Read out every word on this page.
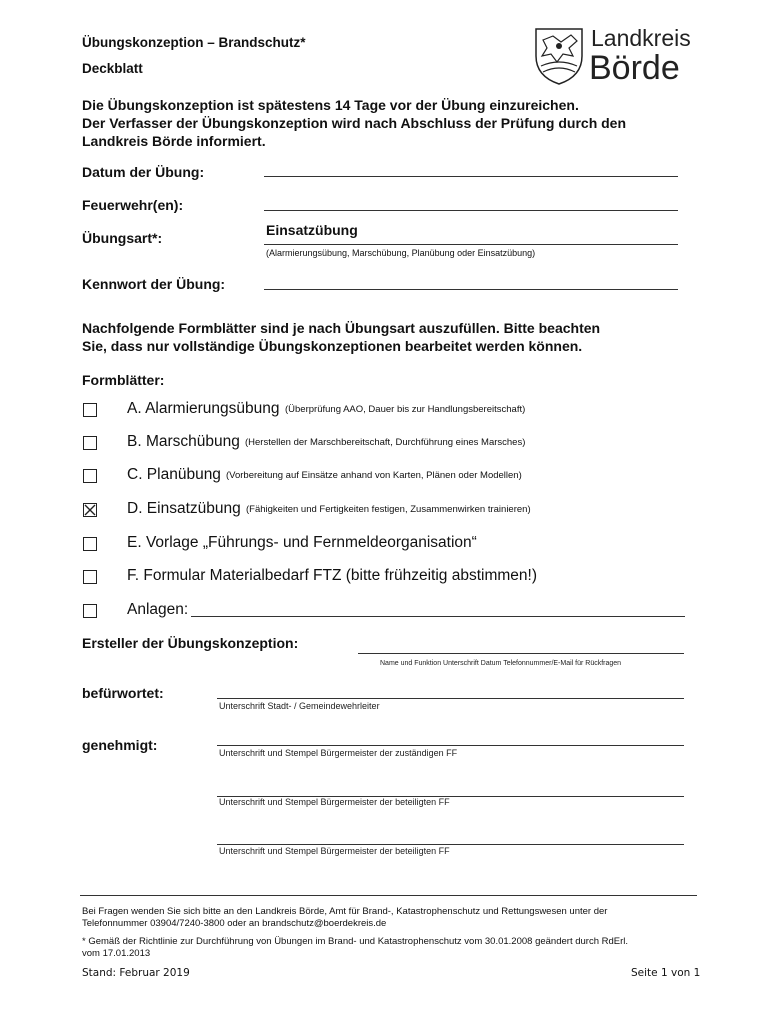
Übungskonzeption – Brandschutz*
Deckblatt
Landkreis
Börde
Die Übungskonzeption ist spätestens 14 Tage vor der Übung einzureichen.
Der Verfasser der Übungskonzeption wird nach Abschluss der Prüfung durch den
Landkreis Börde informiert.
Datum der Übung:
Feuerwehr(en):
Übungsart*:	Einsatzübung
(Alarmierungsübung, Marschübung, Planübung oder Einsatzübung)
Kennwort der Übung:
Nachfolgende Formblätter sind je nach Übungsart auszufüllen. Bitte beachten
Sie, dass nur vollständige Übungskonzeptionen bearbeitet werden können.
Formblätter:
A. Alarmierungsübung (Überprüfung AAO, Dauer bis zur Handlungsbereitschaft)
B. Marschübung (Herstellen der Marschbereitschaft, Durchführung eines Marsches)
C. Planübung (Vorbereitung auf Einsätze anhand von Karten, Plänen oder Modellen)
D. Einsatzübung (Fähigkeiten und Fertigkeiten festigen, Zusammenwirken trainieren)
E. Vorlage „Führungs- und Fernmeldeorganisation“
F. Formular Materialbedarf FTZ (bitte frühzeitig abstimmen!)
Anlagen:
Ersteller der Übungskonzeption:
Name und Funktion Unterschrift Datum Telefonnummer/E-Mail für Rückfragen
befürwortet:
Unterschrift Stadt- / Gemeindewehrleiter
genehmigt:	Unterschrift und Stempel Bürgermeister der zuständigen FF
Unterschrift und Stempel Bürgermeister der beteiligten FF
Unterschrift und Stempel Bürgermeister der beteiligten FF
Bei Fragen wenden Sie sich bitte an den Landkreis Börde, Amt für Brand-, Katastrophenschutz und Rettungswesen unter der
Telefonnummer 03904/7240-3800 oder an brandschutz@boerdekreis.de
* Gemäß der Richtlinie zur Durchführung von Übungen im Brand- und Katastrophenschutz vom 30.01.2008 geändert durch RdErl.
vom 17.01.2013
Stand: Februar 2019	Seite 1 von 1
